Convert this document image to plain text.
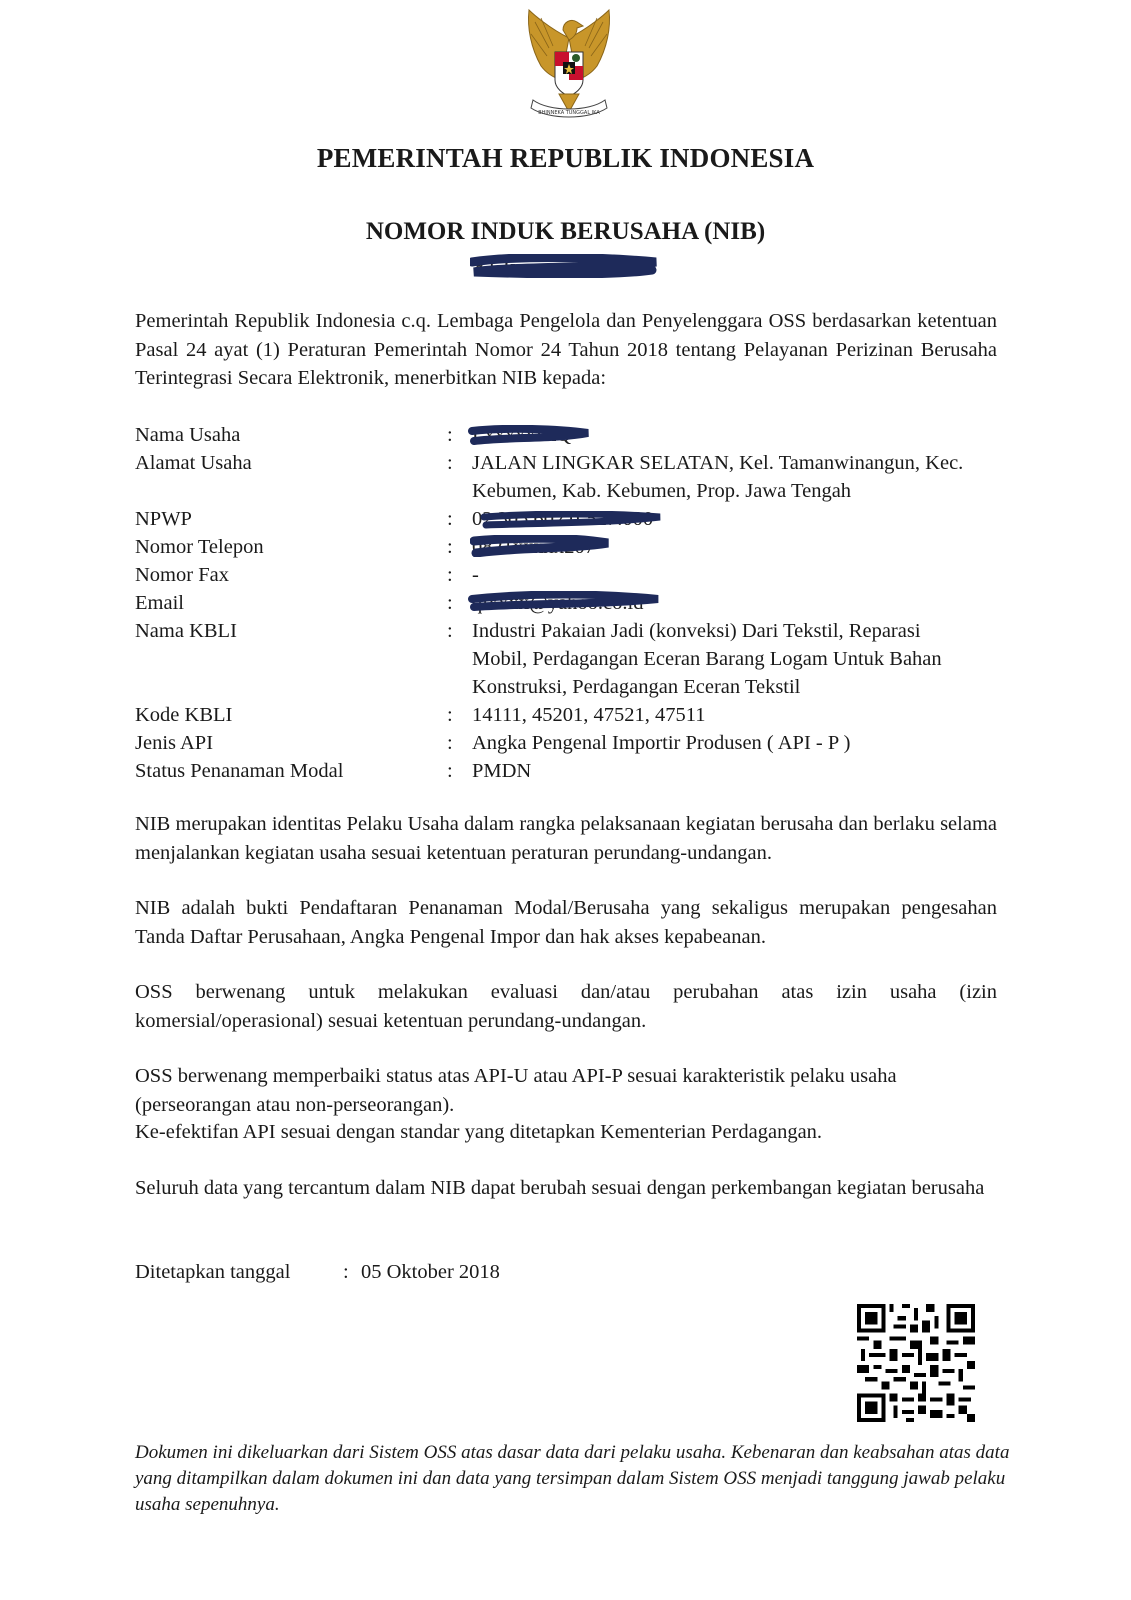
BHINNEKA TUNGGAL IKA
PEMERINTAH REPUBLIK INDONESIA
NOMOR INDUK BERUSAHA (NIB)
812xxxxx…0158
Pemerintah Republik Indonesia c.q. Lembaga Pengelola dan Penyelenggara OSS berdasarkan ketentuan Pasal 24 ayat (1) Peraturan Pemerintah Nomor 24 Tahun 2018 tentang Pelayanan Perizinan Berusaha Terintegrasi Secara Elektronik, menerbitkan NIB kepada:
Nama Usaha	: LxxxxxxxQ
Alamat Usaha	: JALAN LINGKAR SELATAN, Kel. Tamanwinangun, Kec. Kebumen, Kab. Kebumen, Prop. Jawa Tengah
NPWP	: 02.305.602.0-527.000
Nomor Telepon	: 0821xxxxx207
Nomor Fax	: -
Email	: qlxxxx@yahoo.co.id
Nama KBLI	: Industri Pakaian Jadi (konveksi) Dari Tekstil, Reparasi Mobil, Perdagangan Eceran Barang Logam Untuk Bahan Konstruksi, Perdagangan Eceran Tekstil
Kode KBLI	: 14111, 45201, 47521, 47511
Jenis API	: Angka Pengenal Importir Produsen ( API - P )
Status Penanaman Modal	: PMDN
NIB merupakan identitas Pelaku Usaha dalam rangka pelaksanaan kegiatan berusaha dan berlaku selama menjalankan kegiatan usaha sesuai ketentuan peraturan perundang-undangan.
NIB adalah bukti Pendaftaran Penanaman Modal/Berusaha yang sekaligus merupakan pengesahan Tanda Daftar Perusahaan, Angka Pengenal Impor dan hak akses kepabeanan.
OSS berwenang untuk melakukan evaluasi dan/atau perubahan atas izin usaha (izin komersial/operasional) sesuai ketentuan perundang-undangan.
OSS berwenang memperbaiki status atas API-U atau API-P sesuai karakteristik pelaku usaha (perseorangan atau non-perseorangan).
Ke-efektifan API sesuai dengan standar yang ditetapkan Kementerian Perdagangan.
Seluruh data yang tercantum dalam NIB dapat berubah sesuai dengan perkembangan kegiatan berusaha
Ditetapkan tanggal	: 05 Oktober 2018
Dokumen ini dikeluarkan dari Sistem OSS atas dasar data dari pelaku usaha. Kebenaran dan keabsahan atas data yang ditampilkan dalam dokumen ini dan data yang tersimpan dalam Sistem OSS menjadi tanggung jawab pelaku usaha sepenuhnya.
